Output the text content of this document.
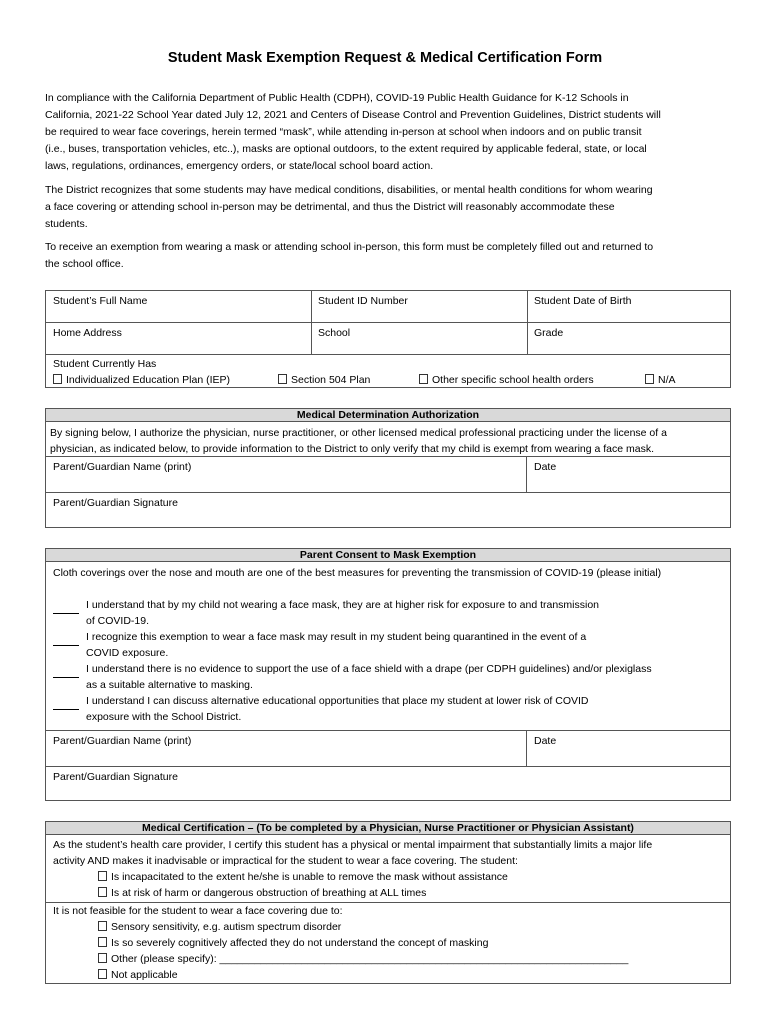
Student Mask Exemption Request & Medical Certification Form
In compliance with the California Department of Public Health (CDPH), COVID-19 Public Health Guidance for K-12 Schools in
California, 2021-22 School Year dated July 12, 2021 and Centers of Disease Control and Prevention Guidelines, District students will
be required to wear face coverings, herein termed “mask”, while attending in-person at school when indoors and on public transit
(i.e., buses, transportation vehicles, etc..), masks are optional outdoors, to the extent required by applicable federal, state, or local
laws, regulations, ordinances, emergency orders, or state/local school board action.
The District recognizes that some students may have medical conditions, disabilities, or mental health conditions for whom wearing
a face covering or attending school in-person may be detrimental, and thus the District will reasonably accommodate these
students.
To receive an exemption from wearing a mask or attending school in-person, this form must be completely filled out and returned to
the school office.
Student’s Full Name	Student ID Number	Student Date of Birth
Home Address	School	Grade
Student Currently Has
Individualized Education Plan (IEP)	Section 504 Plan	Other specific school health orders	N/A
Medical Determination Authorization
By signing below, I authorize the physician, nurse practitioner, or other licensed medical professional practicing under the license of a
physician, as indicated below, to provide information to the District to only verify that my child is exempt from wearing a face mask.
Parent/Guardian Name (print)	Date
Parent/Guardian Signature
Parent Consent to Mask Exemption
Cloth coverings over the nose and mouth are one of the best measures for preventing the transmission of COVID-19 (please initial)
I understand that by my child not wearing a face mask, they are at higher risk for exposure to and transmission
of COVID-19.
I recognize this exemption to wear a face mask may result in my student being quarantined in the event of a
COVID exposure.
I understand there is no evidence to support the use of a face shield with a drape (per CDPH guidelines) and/or plexiglass
as a suitable alternative to masking.
I understand I can discuss alternative educational opportunities that place my student at lower risk of COVID
exposure with the School District.
Parent/Guardian Name (print)	Date
Parent/Guardian Signature
Medical Certification – (To be completed by a Physician, Nurse Practitioner or Physician Assistant)
As the student’s health care provider, I certify this student has a physical or mental impairment that substantially limits a major life
activity AND makes it inadvisable or impractical for the student to wear a face covering. The student:
Is incapacitated to the extent he/she is unable to remove the mask without assistance
Is at risk of harm or dangerous obstruction of breathing at ALL times
It is not feasible for the student to wear a face covering due to:
Sensory sensitivity, e.g. autism spectrum disorder
Is so severely cognitively affected they do not understand the concept of masking
Other (please specify): ______________________________________________________________________
Not applicable
